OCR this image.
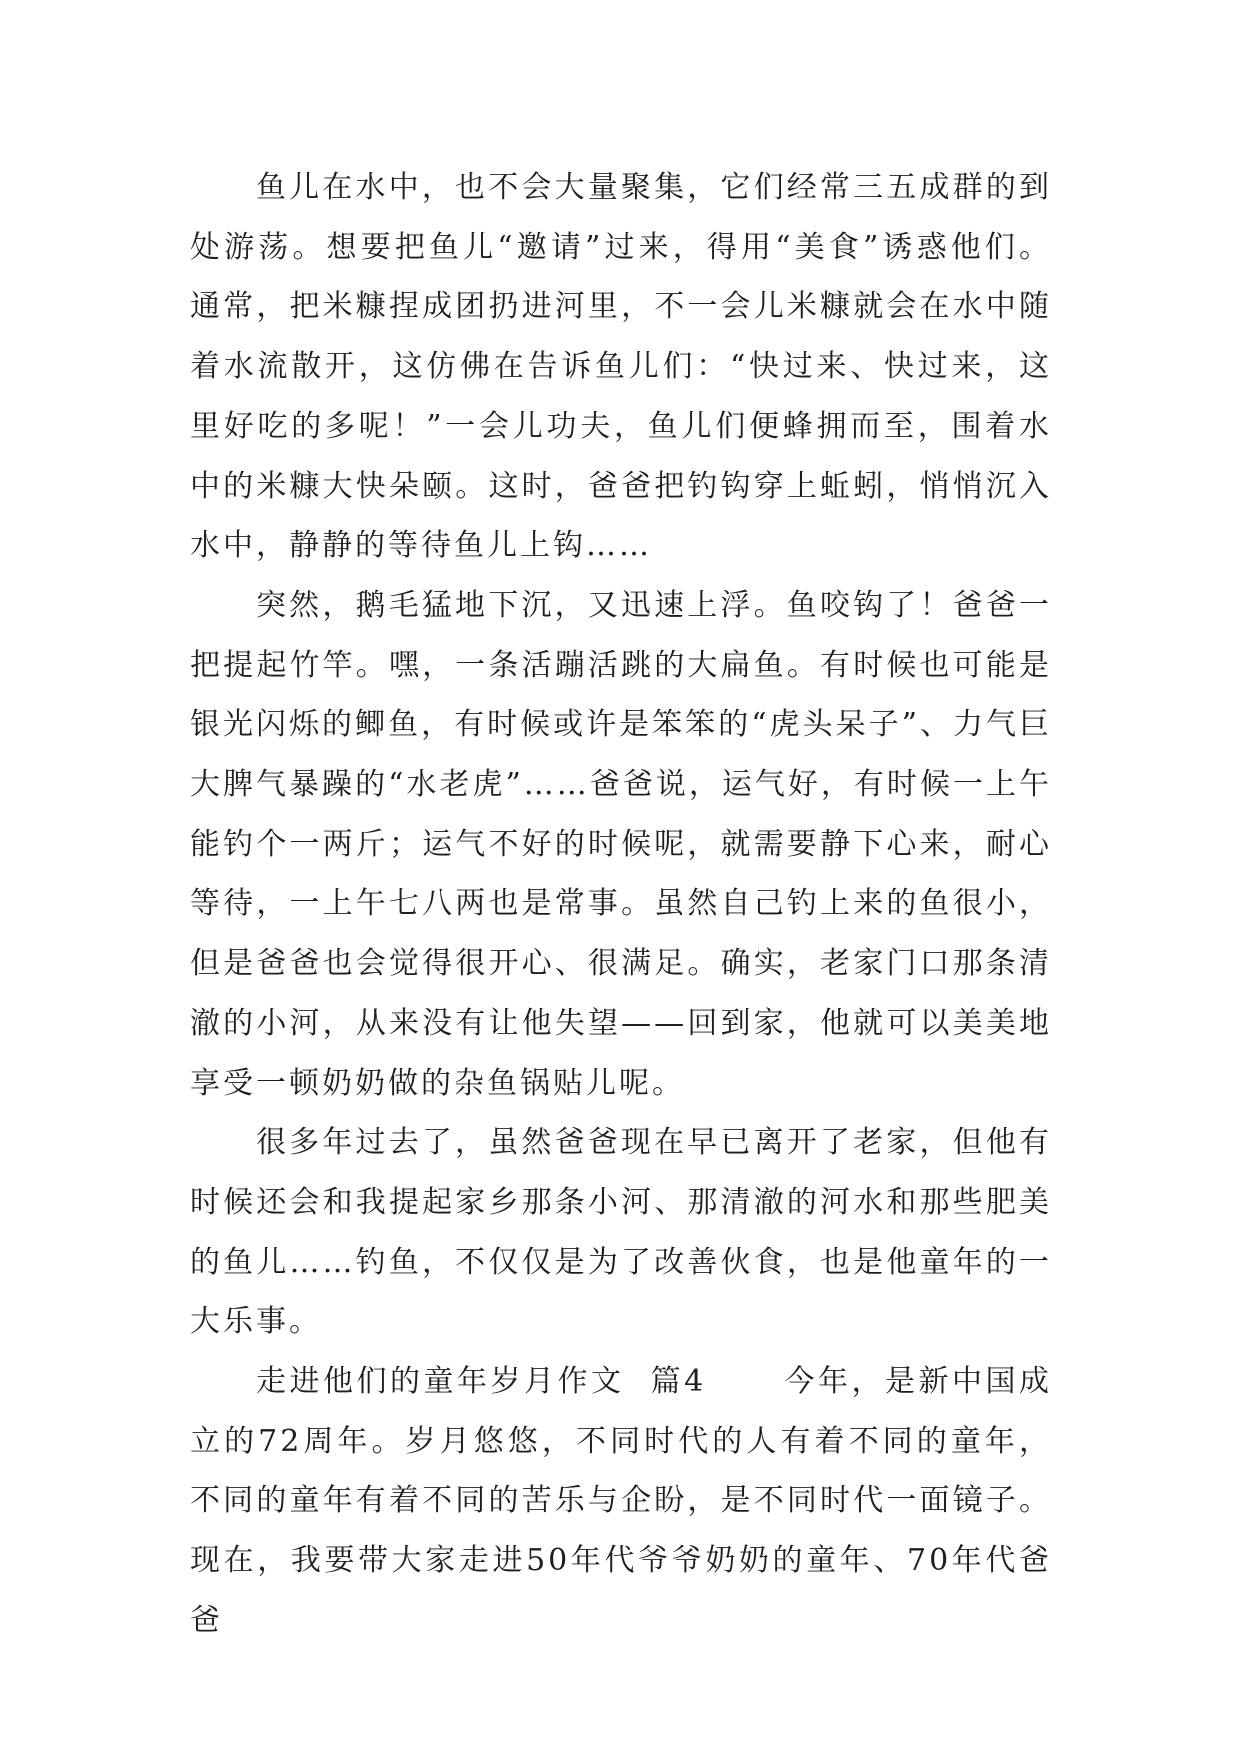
鱼儿在水中，也不会大量聚集，它们经常三五成群的到处游荡。想要把鱼儿“邀请”过来，得用“美食”诱惑他们。通常，把米糠捏成团扔进河里，不一会儿米糠就会在水中随着水流散开，这仿佛在告诉鱼儿们：“快过来、快过来，这里好吃的多呢！”一会儿功夫，鱼儿们便蜂拥而至，围着水中的米糠大快朵颐。这时，爸爸把钓钩穿上蚯蚓，悄悄沉入水中，静静的等待鱼儿上钩……

突然，鹅毛猛地下沉，又迅速上浮。鱼咬钩了！爸爸一把提起竹竿。嘿，一条活蹦活跳的大扁鱼。有时候也可能是银光闪烁的鲫鱼，有时候或许是笨笨的“虎头呆子”、力气巨大脾气暴躁的“水老虎”……爸爸说，运气好，有时候一上午能钓个一两斤；运气不好的时候呢，就需要静下心来，耐心等待，一上午七八两也是常事。虽然自己钓上来的鱼很小，但是爸爸也会觉得很开心、很满足。确实，老家门口那条清澈的小河，从来没有让他失望——回到家，他就可以美美地享受一顿奶奶做的杂鱼锅贴儿呢。

很多年过去了，虽然爸爸现在早已离开了老家，但他有时候还会和我提起家乡那条小河、那清澈的河水和那些肥美的鱼儿……钓鱼，不仅仅是为了改善伙食，也是他童年的一大乐事。

走进他们的童年岁月作文  篇4	今年，是新中国成立的72周年。岁月悠悠，不同时代的人有着不同的童年，不同的童年有着不同的苦乐与企盼，是不同时代一面镜子。现在，我要带大家走进50年代爷爷奶奶的童年、70年代爸爸
